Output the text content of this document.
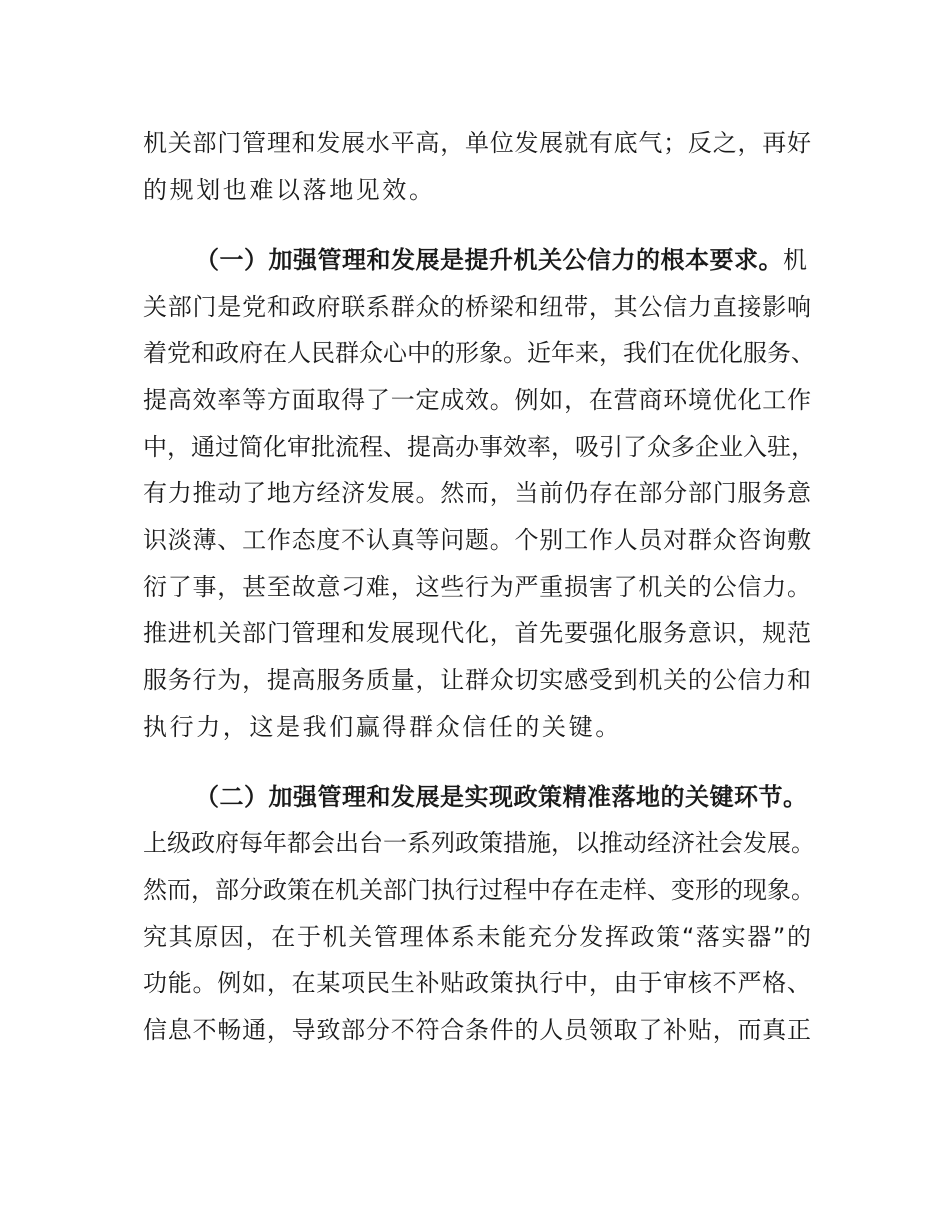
机关部门管理和发展水平高，单位发展就有底气；反之，再好
的规划也难以落地见效。
（一）加强管理和发展是提升机关公信力的根本要求。机
关部门是党和政府联系群众的桥梁和纽带，其公信力直接影响
着党和政府在人民群众心中的形象。近年来，我们在优化服务、
提高效率等方面取得了一定成效。例如，在营商环境优化工作
中，通过简化审批流程、提高办事效率，吸引了众多企业入驻，
有力推动了地方经济发展。然而，当前仍存在部分部门服务意
识淡薄、工作态度不认真等问题。个别工作人员对群众咨询敷
衍了事，甚至故意刁难，这些行为严重损害了机关的公信力。
推进机关部门管理和发展现代化，首先要强化服务意识，规范
服务行为，提高服务质量，让群众切实感受到机关的公信力和
执行力，这是我们赢得群众信任的关键。
（二）加强管理和发展是实现政策精准落地的关键环节。
上级政府每年都会出台一系列政策措施，以推动经济社会发展。
然而，部分政策在机关部门执行过程中存在走样、变形的现象。
究其原因，在于机关管理体系未能充分发挥政策“落实器”的
功能。例如，在某项民生补贴政策执行中，由于审核不严格、
信息不畅通，导致部分不符合条件的人员领取了补贴，而真正
